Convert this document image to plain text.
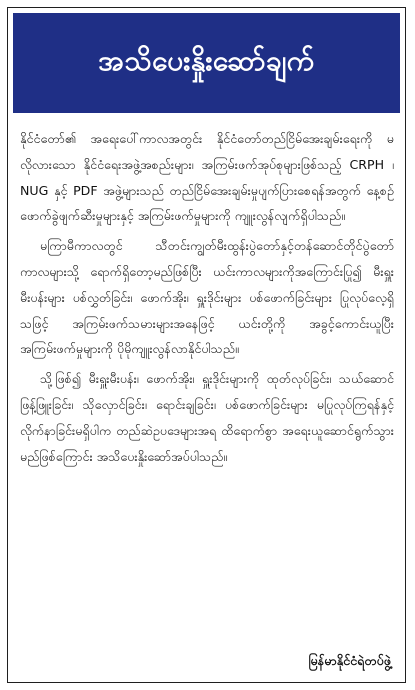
အသိပေးနှိုးဆော်ချက်

နိုင်ငံတော်၏ အရေးပေါ်ကာလအတွင်း နိုင်ငံတော်တည်ငြိမ်အေးချမ်းရေးကို မလိုလားသော နိုင်ငံရေးအဖွဲ့အစည်းများ၊ အကြမ်းဖက်အုပ်စုများဖြစ်သည့် CRPH ၊ NUG နှင့် PDF အဖွဲ့များသည် တည်ငြိမ်အေးချမ်းမှုပျက်ပြားစေရန်အတွက် နေ့စဉ်ဖောက်ခွဲဖျက်ဆီးမှုများနှင့် အကြမ်းဖက်မှုများကို ကျူးလွန်လျက်ရှိပါသည်။

မကြာမီကာလတွင် သီတင်းကျွတ်မီးထွန်းပွဲတော်နှင့်တန်ဆောင်တိုင်ပွဲတော်ကာလများသို့ ရောက်ရှိတော့မည်ဖြစ်ပြီး ယင်းကာလများကိုအကြောင်းပြု၍ မီးရှူးမီးပန်းများ ပစ်လွှတ်ခြင်း၊ ဖောက်အိုး၊ ရှူးဒိုင်းများ ပစ်ဖောက်ခြင်းများ ပြုလုပ်လေ့ရှိသဖြင့် အကြမ်းဖက်သမားများအနေဖြင့် ယင်းတို့ကို အခွင့်ကောင်းယူပြီး အကြမ်းဖက်မှုများကို ပိုမိုကျူးလွန်လာနိုင်ပါသည်။

သို့ဖြစ်၍ မီးရှူးမီးပန်း၊ ဖောက်အိုး၊ ရှူးဒိုင်းများကို ထုတ်လုပ်ခြင်း၊ သယ်ဆောင်ဖြန့်ဖြူးခြင်း၊ သိုလှောင်ခြင်း၊ ရောင်းချခြင်း၊ ပစ်ဖောက်ခြင်းများ မပြုလုပ်ကြရန်နှင့် လိုက်နာခြင်းမရှိပါက တည်ဆဲဥပဒေများအရ ထိရောက်စွာ အရေးယူဆောင်ရွက်သွားမည်ဖြစ်ကြောင်း အသိပေးနှိုးဆော်အပ်ပါသည်။

မြန်မာနိုင်ငံရဲတပ်ဖွဲ့
